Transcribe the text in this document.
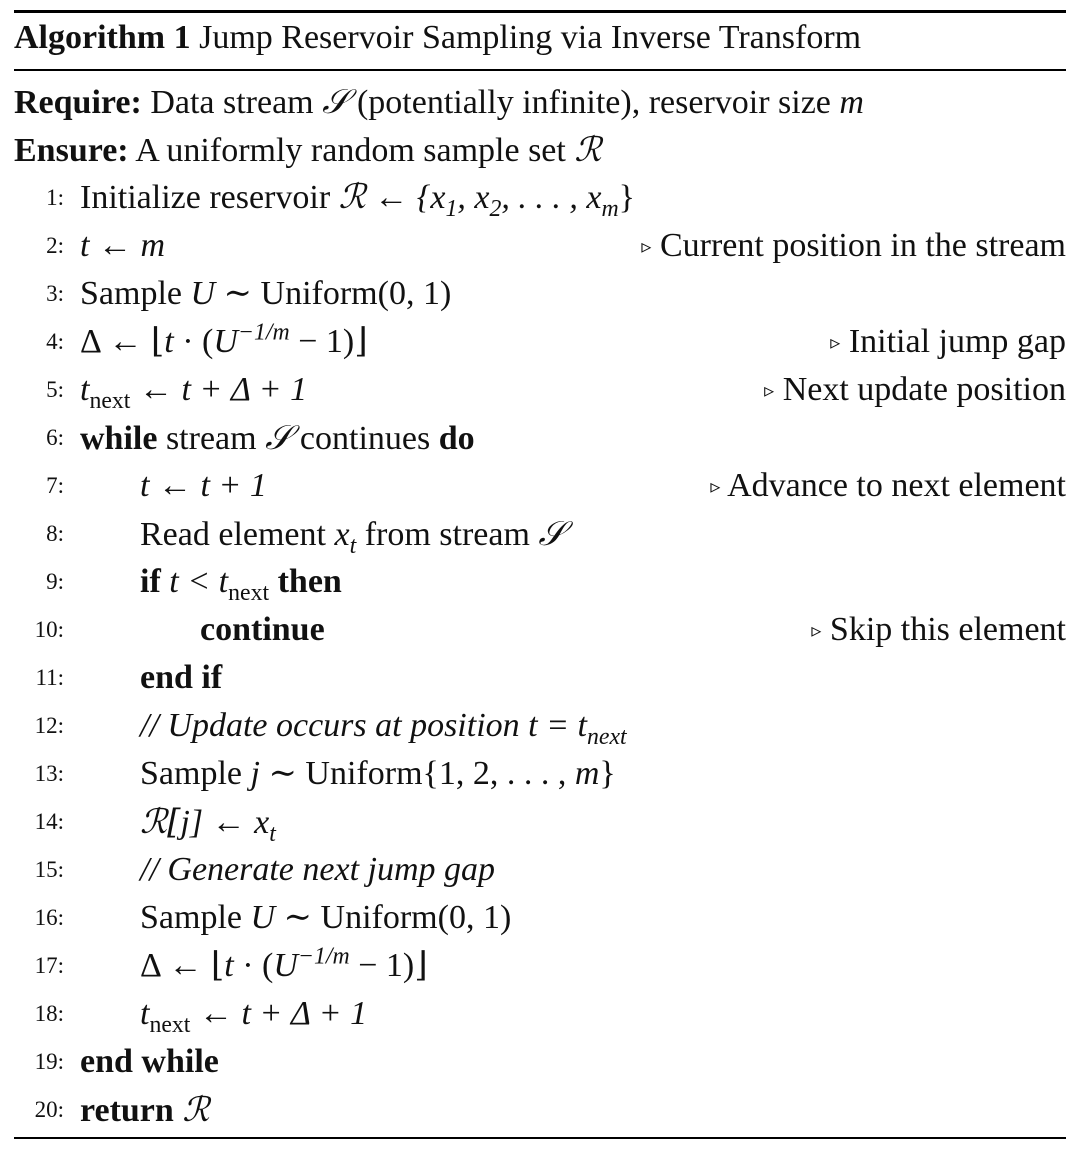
Algorithm 1 Jump Reservoir Sampling via Inverse Transform
Require: Data stream 𝒮 (potentially infinite), reservoir size m
Ensure: A uniformly random sample set ℛ
1: Initialize reservoir ℛ ← {$x_1$, $x_2$, . . . , $x_m$}
2: t ← m	▹ Current position in the stream
3: Sample U ∼ Uniform(0, 1)
4: Δ ← ⌊t · ($U^{-1/m}$ − 1)⌋	▹ Initial jump gap
5: $t_{next}$ ← t + Δ + 1	▹ Next update position
6: while stream 𝒮 continues do
7: t ← t + 1	▹ Advance to next element
8: Read element $x_t$ from stream 𝒮
9: if $t < t_{next}$ then
10:	continue	▹ Skip this element
11: end if
12: // Update occurs at position $t = t_{next}$
13: Sample j ∼ Uniform{1, 2, . . . , m}
14: ℛ[j] ← $x_t$
15: // Generate next jump gap
16: Sample U ∼ Uniform(0, 1)
17: Δ ← ⌊t · ($U^{-1/m}$ − 1)⌋
18: $t_{next}$ ← t + Δ + 1
19: end while
20: return ℛ
